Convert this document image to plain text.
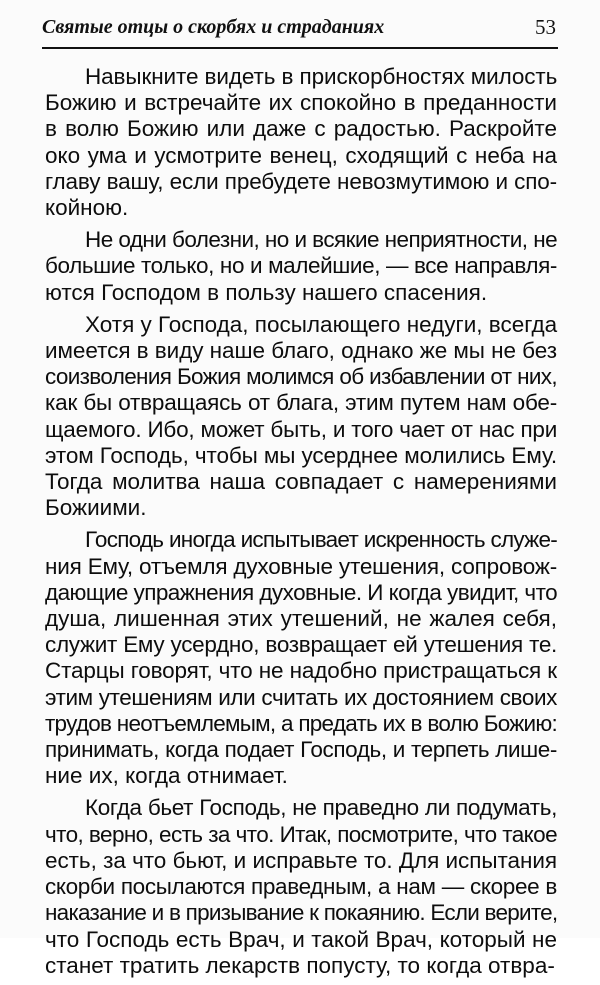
Святые отцы о скорбях и страданиях	53
Навыкните видеть в прискорбностях милость
Божию и встречайте их спокойно в преданности
в волю Божию или даже с радостью. Раскройте
око ума и усмотрите венец, сходящий с неба на
главу вашу, если пребудете невозмутимою и спо-
койною.
Не одни болезни, но и всякие неприятности, не
большие только, но и малейшие, — все направля-
ются Господом в пользу нашего спасения.
Хотя у Господа, посылающего недуги, всегда
имеется в виду наше благо, однако же мы не без
соизволения Божия молимся об избавлении от них,
как бы отвращаясь от блага, этим путем нам обе-
щаемого. Ибо, может быть, и того чает от нас при
этом Господь, чтобы мы усерднее молились Ему.
Тогда молитва наша совпадает с намерениями
Божиими.
Господь иногда испытывает искренность служе-
ния Ему, отъемля духовные утешения, сопровож-
дающие упражнения духовные. И когда увидит, что
душа, лишенная этих утешений, не жалея себя,
служит Ему усердно, возвращает ей утешения те.
Старцы говорят, что не надобно пристращаться к
этим утешениям или считать их достоянием своих
трудов неотъемлемым, а предать их в волю Божию:
принимать, когда подает Господь, и терпеть лише-
ние их, когда отнимает.
Когда бьет Господь, не праведно ли подумать,
что, верно, есть за что. Итак, посмотрите, что такое
есть, за что бьют, и исправьте то. Для испытания
скорби посылаются праведным, а нам — скорее в
наказание и в призывание к покаянию. Если верите,
что Господь есть Врач, и такой Врач, который не
станет тратить лекарств попусту, то когда отвра-
